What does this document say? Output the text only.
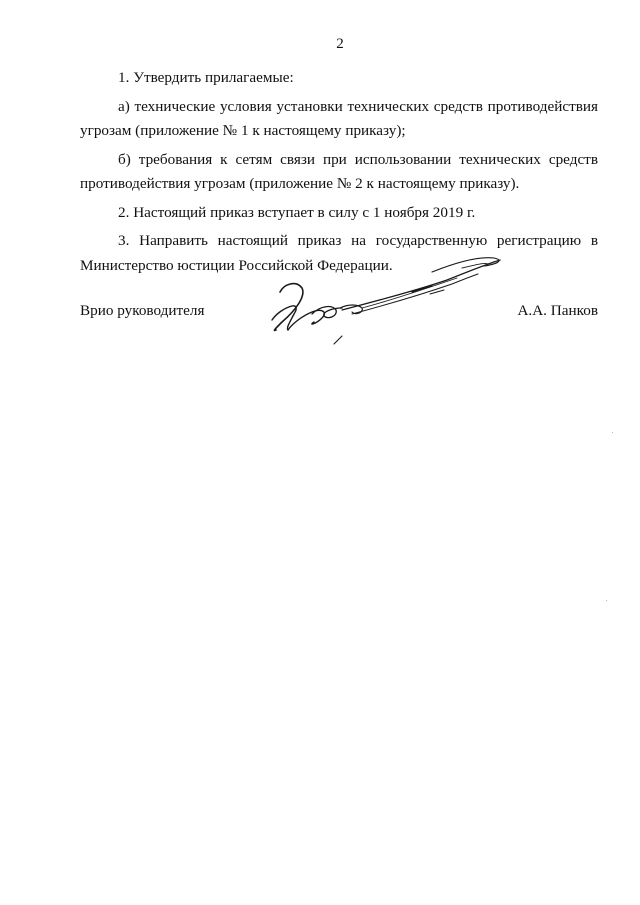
2

1. Утвердить прилагаемые:

а) технические условия установки технических средств противодействия угрозам (приложение № 1 к настоящему приказу);

б) требования к сетям связи при использовании технических средств противодействия угрозам (приложение № 2 к настоящему приказу).

2. Настоящий приказ вступает в силу с 1 ноября 2019 г.

3. Направить настоящий приказ на государственную регистрацию в Министерство юстиции Российской Федерации.

Врио руководителя	А.А. Панков
